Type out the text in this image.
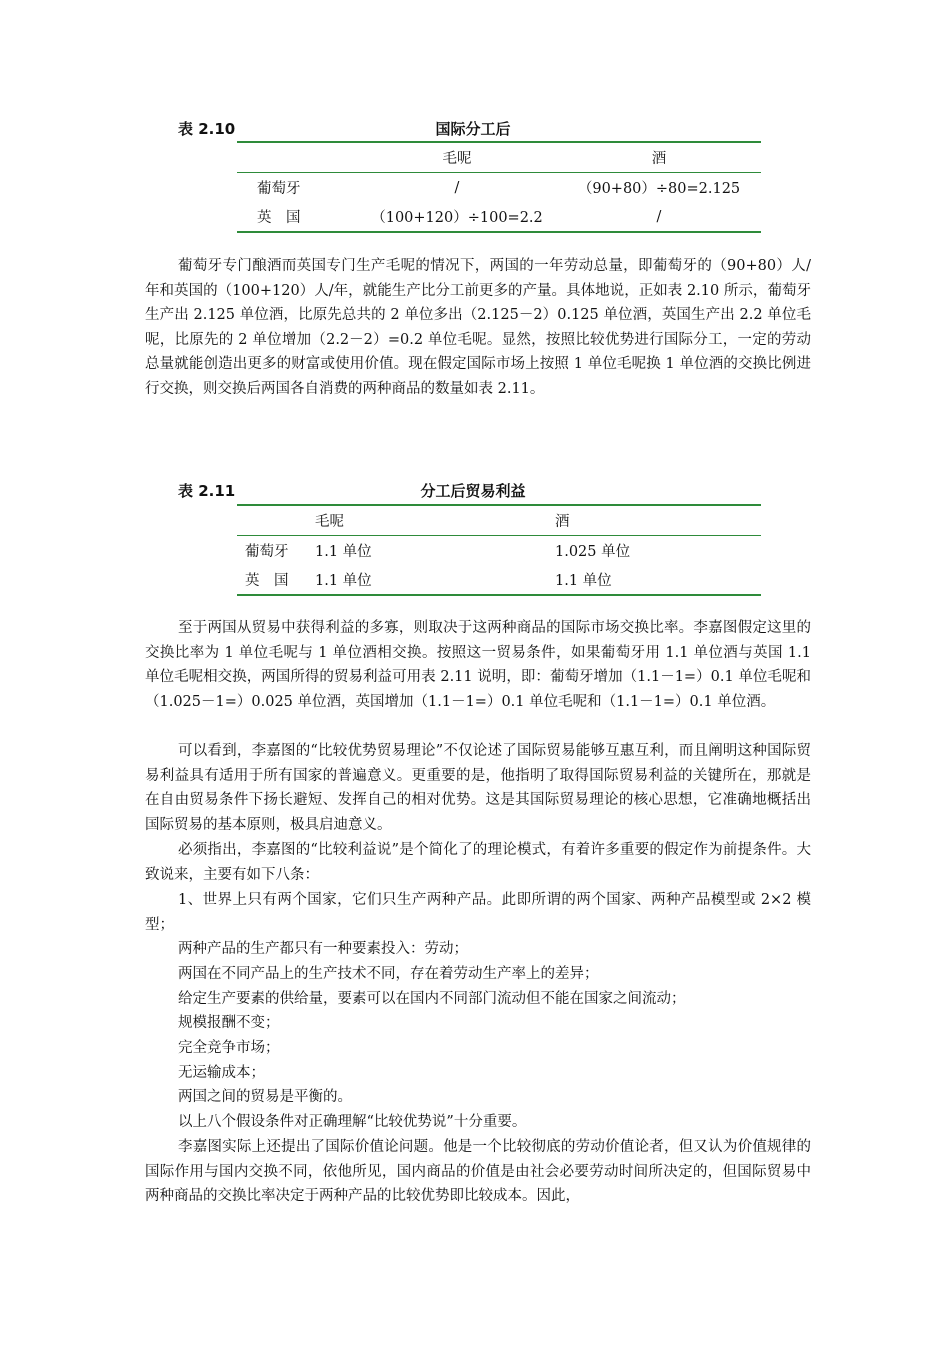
表 2.10	国际分工后
	毛呢	酒
葡萄牙	/	（90+80）÷80=2.125
英　国	（100+120）÷100=2.2	/

葡萄牙专门酿酒而英国专门生产毛呢的情况下，两国的一年劳动总量，即葡萄牙的（90+80）人/年和英国的（100+120）人/年，就能生产比分工前更多的产量。具体地说，正如表 2.10 所示，葡萄牙生产出 2.125 单位酒，比原先总共的 2 单位多出（2.125－2）0.125 单位酒，英国生产出 2.2 单位毛呢，比原先的 2 单位增加（2.2－2）=0.2 单位毛呢。显然，按照比较优势进行国际分工，一定的劳动总量就能创造出更多的财富或使用价值。现在假定国际市场上按照 1 单位毛呢换 1 单位酒的交换比例进行交换，则交换后两国各自消费的两种商品的数量如表 2.11。

表 2.11	分工后贸易利益
	毛呢	酒
葡萄牙	1.1 单位	1.025 单位
英　国	1.1 单位	1.1 单位

至于两国从贸易中获得利益的多寡，则取决于这两种商品的国际市场交换比率。李嘉图假定这里的交换比率为 1 单位毛呢与 1 单位酒相交换。按照这一贸易条件，如果葡萄牙用 1.1 单位酒与英国 1.1 单位毛呢相交换，两国所得的贸易利益可用表 2.11 说明，即：葡萄牙增加（1.1－1=）0.1 单位毛呢和（1.025－1=）0.025 单位酒，英国增加（1.1－1=）0.1 单位毛呢和（1.1－1=）0.1 单位酒。

可以看到，李嘉图的“比较优势贸易理论”不仅论述了国际贸易能够互惠互利，而且阐明这种国际贸易利益具有适用于所有国家的普遍意义。更重要的是，他指明了取得国际贸易利益的关键所在，那就是在自由贸易条件下扬长避短、发挥自己的相对优势。这是其国际贸易理论的核心思想，它准确地概括出国际贸易的基本原则，极具启迪意义。

必须指出，李嘉图的“比较利益说”是个简化了的理论模式，有着许多重要的假定作为前提条件。大致说来，主要有如下八条：

1、世界上只有两个国家，它们只生产两种产品。此即所谓的两个国家、两种产品模型或 2×2 模型；

两种产品的生产都只有一种要素投入：劳动；

两国在不同产品上的生产技术不同，存在着劳动生产率上的差异；

给定生产要素的供给量，要素可以在国内不同部门流动但不能在国家之间流动；

规模报酬不变；

完全竞争市场；

无运输成本；

两国之间的贸易是平衡的。

以上八个假设条件对正确理解“比较优势说”十分重要。

李嘉图实际上还提出了国际价值论问题。他是一个比较彻底的劳动价值论者，但又认为价值规律的国际作用与国内交换不同，依他所见，国内商品的价值是由社会必要劳动时间所决定的，但国际贸易中两种商品的交换比率决定于两种产品的比较优势即比较成本。因此，
